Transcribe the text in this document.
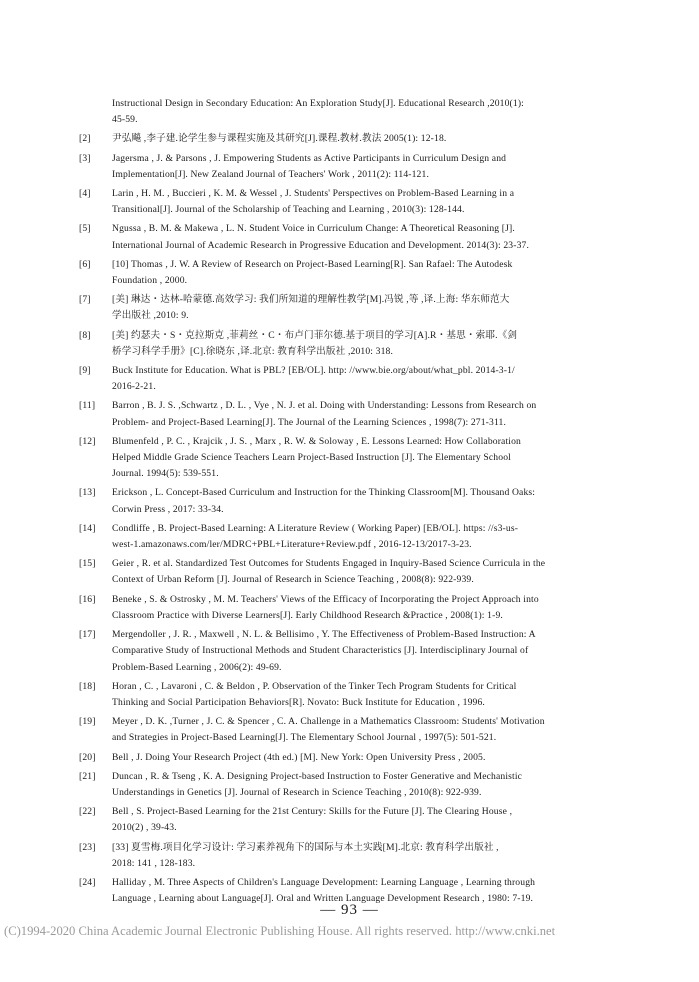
Instructional Design in Secondary Education: An Exploration Study[J]. Educational Research ,2010(1):
45-59.
[2] 尹弘飚 ,李子建.论学生参与课程实施及其研究[J].课程.教材.教法 2005(1): 12-18.
[3] Jagersma , J. & Parsons , J. Empowering Students as Active Participants in Curriculum Design and
Implementation[J]. New Zealand Journal of Teachers' Work , 2011(2): 114-121.
[4] Larin , H. M. , Buccieri , K. M. & Wessel , J. Students' Perspectives on Problem-Based Learning in a
Transitional[J]. Journal of the Scholarship of Teaching and Learning , 2010(3): 128-144.
[5] Ngussa , B. M. & Makewa , L. N. Student Voice in Curriculum Change: A Theoretical Reasoning [J].
International Journal of Academic Research in Progressive Education and Development. 2014(3): 23-37.
[6] [10] Thomas , J. W. A Review of Research on Project-Based Learning[R]. San Rafael: The Autodesk
Foundation , 2000.
[7] [美] 琳达・达林-哈蒙德.高效学习: 我们所知道的理解性教学[M].冯锐 ,等 ,译.上海: 华东师范大
学出版社 ,2010: 9.
[8] [美] 约瑟夫・S・克拉斯克 ,菲莉丝・C・布卢门菲尔德.基于项目的学习[A].R・基思・索耶.《剑
桥学习科学手册》[C].徐晓东 ,译.北京: 教育科学出版社 ,2010: 318.
[9] Buck Institute for Education. What is PBL? [EB/OL]. http: //www.bie.org/about/what_pbl. 2014-3-1/
2016-2-21.
[11] Barron , B. J. S. ,Schwartz , D. L. , Vye , N. J. et al. Doing with Understanding: Lessons from Research on
Problem- and Project-Based Learning[J]. The Journal of the Learning Sciences , 1998(7): 271-311.
[12] Blumenfeld , P. C. , Krajcik , J. S. , Marx , R. W. & Soloway , E. Lessons Learned: How Collaboration
Helped Middle Grade Science Teachers Learn Project-Based Instruction [J]. The Elementary School
Journal. 1994(5): 539-551.
[13] Erickson , L. Concept-Based Curriculum and Instruction for the Thinking Classroom[M]. Thousand Oaks:
Corwin Press , 2017: 33-34.
[14] Condliffe , B. Project-Based Learning: A Literature Review ( Working Paper) [EB/OL]. https: //s3-us-
west-1.amazonaws.com/ler/MDRC+PBL+Literature+Review.pdf , 2016-12-13/2017-3-23.
[15] Geier , R. et al. Standardized Test Outcomes for Students Engaged in Inquiry-Based Science Curricula in the
Context of Urban Reform [J]. Journal of Research in Science Teaching , 2008(8): 922-939.
[16] Beneke , S. & Ostrosky , M. M. Teachers' Views of the Efficacy of Incorporating the Project Approach into
Classroom Practice with Diverse Learners[J]. Early Childhood Research &Practice , 2008(1): 1-9.
[17] Mergendoller , J. R. , Maxwell , N. L. & Bellisimo , Y. The Effectiveness of Problem-Based Instruction: A
Comparative Study of Instructional Methods and Student Characteristics [J]. Interdisciplinary Journal of
Problem-Based Learning , 2006(2): 49-69.
[18] Horan , C. , Lavaroni , C. & Beldon , P. Observation of the Tinker Tech Program Students for Critical
Thinking and Social Participation Behaviors[R]. Novato: Buck Institute for Education , 1996.
[19] Meyer , D. K. ,Turner , J. C. & Spencer , C. A. Challenge in a Mathematics Classroom: Students' Motivation
and Strategies in Project-Based Learning[J]. The Elementary School Journal , 1997(5): 501-521.
[20] Bell , J. Doing Your Research Project (4th ed.) [M]. New York: Open University Press , 2005.
[21] Duncan , R. & Tseng , K. A. Designing Project-based Instruction to Foster Generative and Mechanistic
Understandings in Genetics [J]. Journal of Research in Science Teaching , 2010(8): 922-939.
[22] Bell , S. Project-Based Learning for the 21st Century: Skills for the Future [J]. The Clearing House ,
2010(2) , 39-43.
[23] [33] 夏雪梅.项目化学习设计: 学习素养视角下的国际与本土实践[M].北京: 教育科学出版社 ,
2018: 141 , 128-183.
[24] Halliday , M. Three Aspects of Children's Language Development: Learning Language , Learning through
Language , Learning about Language[J]. Oral and Written Language Development Research , 1980: 7-19.
— 93 —
(C)1994-2020 China Academic Journal Electronic Publishing House. All rights reserved. http://www.cnki.net
